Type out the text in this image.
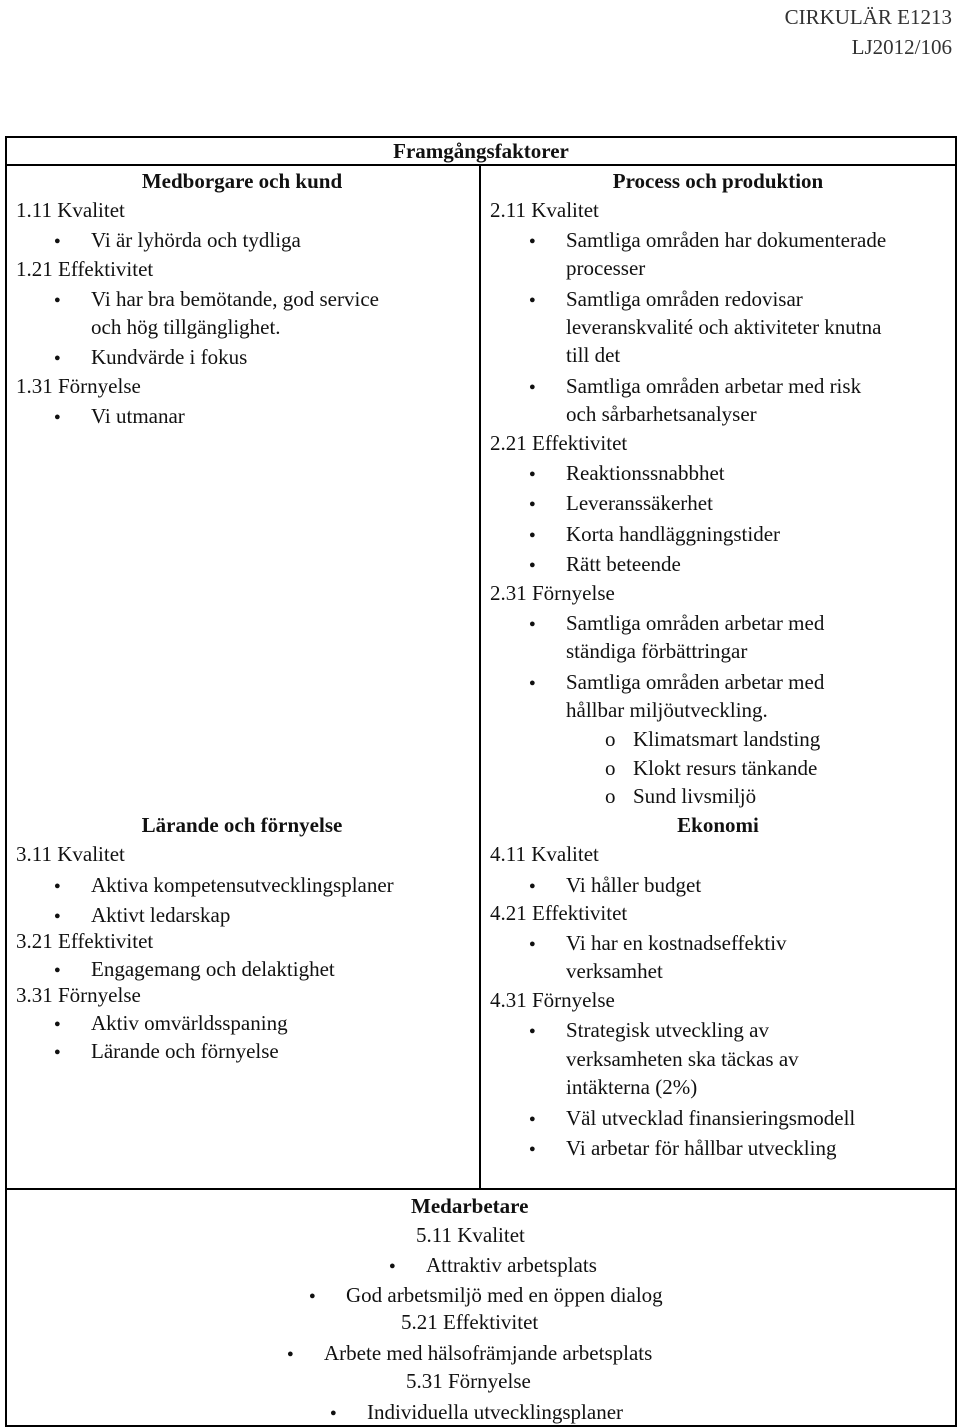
CIRKULÄR E1213
LJ2012/106
Framgångsfaktorer
Medborgare och kund
1.11 Kvalitet
● Vi är lyhörda och tydliga
1.21 Effektivitet
● Vi har bra bemötande, god service
och hög tillgänglighet.
● Kundvärde i fokus
1.31 Förnyelse
● Vi utmanar
Process och produktion
2.11 Kvalitet
● Samtliga områden har dokumenterade
processer
● Samtliga områden redovisar
leveranskvalité och aktiviteter knutna
till det
● Samtliga områden arbetar med risk
och sårbarhetsanalyser
2.21 Effektivitet
● Reaktionssnabbhet
● Leveranssäkerhet
● Korta handläggningstider
● Rätt beteende
2.31 Förnyelse
● Samtliga områden arbetar med
ständiga förbättringar
● Samtliga områden arbetar med
hållbar miljöutveckling.
o Klimatsmart landsting
o Klokt resurs tänkande
o Sund livsmiljö
Lärande och förnyelse
3.11 Kvalitet
● Aktiva kompetensutvecklingsplaner
● Aktivt ledarskap
3.21 Effektivitet
● Engagemang och delaktighet
3.31 Förnyelse
● Aktiv omvärldsspaning
● Lärande och förnyelse
Ekonomi
4.11 Kvalitet
● Vi håller budget
4.21 Effektivitet
● Vi har en kostnadseffektiv
verksamhet
4.31 Förnyelse
● Strategisk utveckling av
verksamheten ska täckas av
intäkterna (2%)
● Väl utvecklad finansieringsmodell
● Vi arbetar för hållbar utveckling
Medarbetare
5.11 Kvalitet
● Attraktiv arbetsplats
● God arbetsmiljö med en öppen dialog
5.21 Effektivitet
● Arbete med hälsofrämjande arbetsplats
5.31 Förnyelse
● Individuella utvecklingsplaner
